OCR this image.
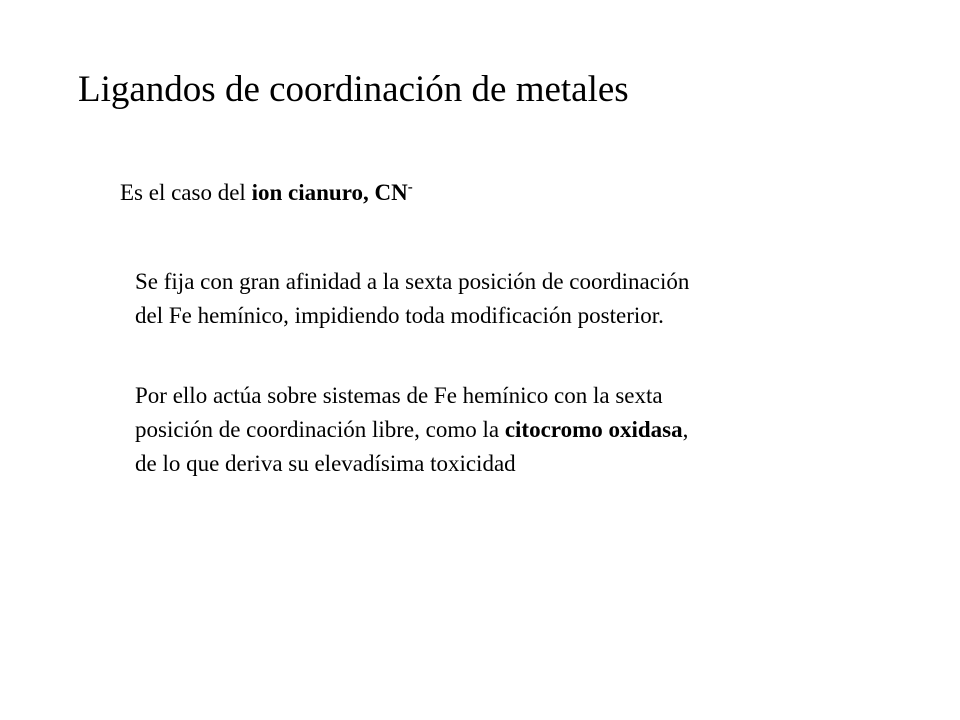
Ligandos de coordinación de metales
Es el caso del ion cianuro, CN-

Se fija con gran afinidad a la sexta posición de coordinación
del Fe hemínico, impidiendo toda modificación posterior.

Por ello actúa sobre sistemas de Fe hemínico con la sexta
posición de coordinación libre, como la citocromo oxidasa,
de lo que deriva su elevadísima toxicidad
